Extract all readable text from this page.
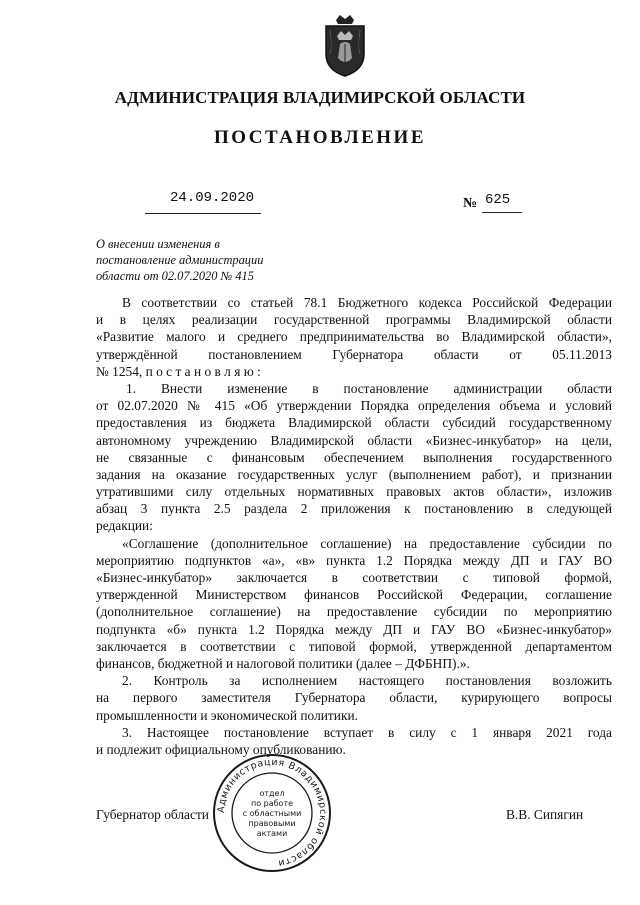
АДМИНИСТРАЦИЯ ВЛАДИМИРСКОЙ ОБЛАСТИ
ПОСТАНОВЛЕНИЕ
24.09.2020	№ 625
О внесении изменения в
постановление администрации
области от 02.07.2020 № 415
В соответствии со статьей 78.1 Бюджетного кодекса Российской Федерации
и в целях реализации государственной программы Владимирской области
«Развитие малого и среднего предпринимательства во Владимирской области»,
утверждённой постановлением Губернатора области от 05.11.2013
№ 1254, п о с т а н о в л я ю :
1. Внести изменение в постановление администрации области
от 02.07.2020 № 415 «Об утверждении Порядка определения объема и условий
предоставления из бюджета Владимирской области субсидий государственному
автономному учреждению Владимирской области «Бизнес-инкубатор» на цели,
не связанные с финансовым обеспечением выполнения государственного
задания на оказание государственных услуг (выполнением работ), и признании
утратившими силу отдельных нормативных правовых актов области», изложив
абзац 3 пункта 2.5 раздела 2 приложения к постановлению в следующей
редакции:
«Соглашение (дополнительное соглашение) на предоставление субсидии по
мероприятию подпунктов «а», «в» пункта 1.2 Порядка между ДП и ГАУ ВО
«Бизнес-инкубатор» заключается в соответствии с типовой формой,
утвержденной Министерством финансов Российской Федерации, соглашение
(дополнительное соглашение) на предоставление субсидии по мероприятию
подпункта «б» пункта 1.2 Порядка между ДП и ГАУ ВО «Бизнес-инкубатор»
заключается в соответствии с типовой формой, утвержденной департаментом
финансов, бюджетной и налоговой политики (далее – ДФБНП).».
2. Контроль за исполнением настоящего постановления возложить
на первого заместителя Губернатора области, курирующего вопросы
промышленности и экономической политики.
3. Настоящее постановление вступает в силу с 1 января 2021 года
и подлежит официальному опубликованию.
Губернатор области	В.В. Сипягин
Администрация Владимирской области
отдел
по работе
с областными
правовыми
актами
